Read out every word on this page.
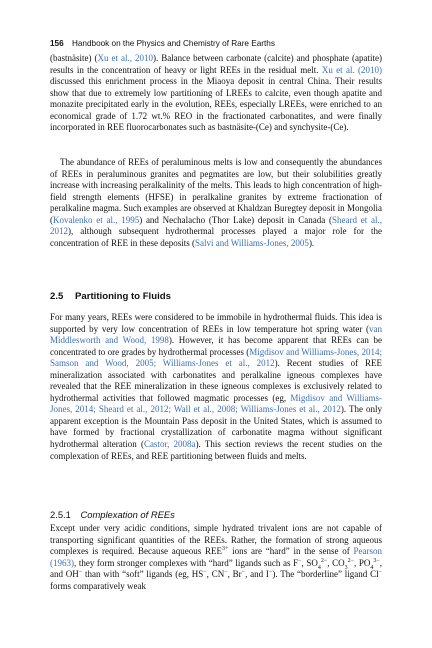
156 Handbook on the Physics and Chemistry of Rare Earths

(bastnäsite) (Xu et al., 2010). Balance between carbonate (calcite) and phosphate (apatite) results in the concentration of heavy or light REEs in the residual melt. Xu et al. (2010) discussed this enrichment process in the Miaoya deposit in central China. Their results show that due to extremely low partitioning of LREEs to calcite, even though apatite and monazite precipitated early in the evolution, REEs, especially LREEs, were enriched to an economical grade of 1.72 wt.% REO in the fractionated carbonatites, and were finally incorporated in REE fluorocarbonates such as bastnäsite-(Ce) and synchysite-(Ce).

The abundance of REEs of peraluminous melts is low and consequently the abundances of REEs in peraluminous granites and pegmatites are low, but their solubilities greatly increase with increasing peralkalinity of the melts. This leads to high concentration of high-field strength elements (HFSE) in peralkaline granites by extreme fractionation of peralkaline magma. Such examples are observed at Khaldzan Buregtey deposit in Mongolia (Kovalenko et al., 1995) and Nechalacho (Thor Lake) deposit in Canada (Sheard et al., 2012), although subsequent hydrothermal processes played a major role for the concentration of REE in these deposits (Salvi and Williams-Jones, 2005).

2.5 Partitioning to Fluids

For many years, REEs were considered to be immobile in hydrothermal fluids. This idea is supported by very low concentration of REEs in low temperature hot spring water (van Middlesworth and Wood, 1998). However, it has become apparent that REEs can be concentrated to ore grades by hydrothermal processes (Migdisov and Williams-Jones, 2014; Samson and Wood, 2005; Williams-Jones et al., 2012). Recent studies of REE mineralization associated with carbonatites and peralkaline igneous complexes have revealed that the REE mineralization in these igneous complexes is exclusively related to hydrothermal activities that followed magmatic processes (eg, Migdisov and Williams-Jones, 2014; Sheard et al., 2012; Wall et al., 2008; Williams-Jones et al., 2012). The only apparent exception is the Mountain Pass deposit in the United States, which is assumed to have formed by fractional crystallization of carbonatite magma without significant hydrothermal alteration (Castor, 2008a). This section reviews the recent studies on the complexation of REEs, and REE partitioning between fluids and melts.

2.5.1 Complexation of REEs

Except under very acidic conditions, simple hydrated trivalent ions are not capable of transporting significant quantities of the REEs. Rather, the formation of strong aqueous complexes is required. Because aqueous $REE^{3+}$ ions are “hard” in the sense of Pearson (1963), they form stronger complexes with “hard” ligands such as F−, $SO_4^{2-}$, $CO_3^{2-}$, $PO_4^{3-}$, and OH− than with “soft” ligands (eg, HS−, CN−, Br−, and I−). The “borderline” ligand Cl− forms comparatively weak
